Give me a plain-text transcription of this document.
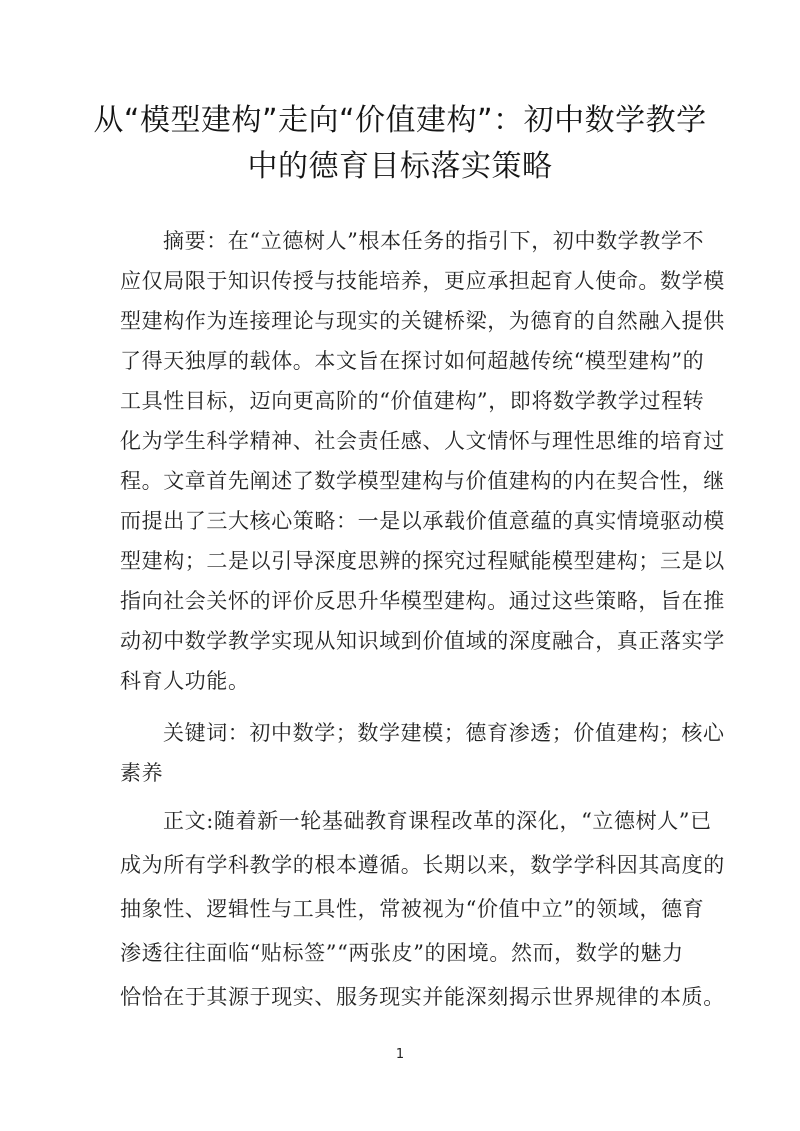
从“模型建构”走向“价值建构”：初中数学教学
中的德育目标落实策略
摘要：在“立德树人”根本任务的指引下，初中数学教学不
应仅局限于知识传授与技能培养，更应承担起育人使命。数学模
型建构作为连接理论与现实的关键桥梁，为德育的自然融入提供
了得天独厚的载体。本文旨在探讨如何超越传统“模型建构”的
工具性目标，迈向更高阶的“价值建构”，即将数学教学过程转
化为学生科学精神、社会责任感、人文情怀与理性思维的培育过
程。文章首先阐述了数学模型建构与价值建构的内在契合性，继
而提出了三大核心策略：一是以承载价值意蕴的真实情境驱动模
型建构；二是以引导深度思辨的探究过程赋能模型建构；三是以
指向社会关怀的评价反思升华模型建构。通过这些策略，旨在推
动初中数学教学实现从知识域到价值域的深度融合，真正落实学
科育人功能。
关键词：初中数学；数学建模；德育渗透；价值建构；核心
素养
正文:随着新一轮基础教育课程改革的深化，“立德树人”已
成为所有学科教学的根本遵循。长期以来，数学学科因其高度的
抽象性、逻辑性与工具性，常被视为“价值中立”的领域，德育
渗透往往面临“贴标签”“两张皮”的困境。然而，数学的魅力
恰恰在于其源于现实、服务现实并能深刻揭示世界规律的本质。
1
